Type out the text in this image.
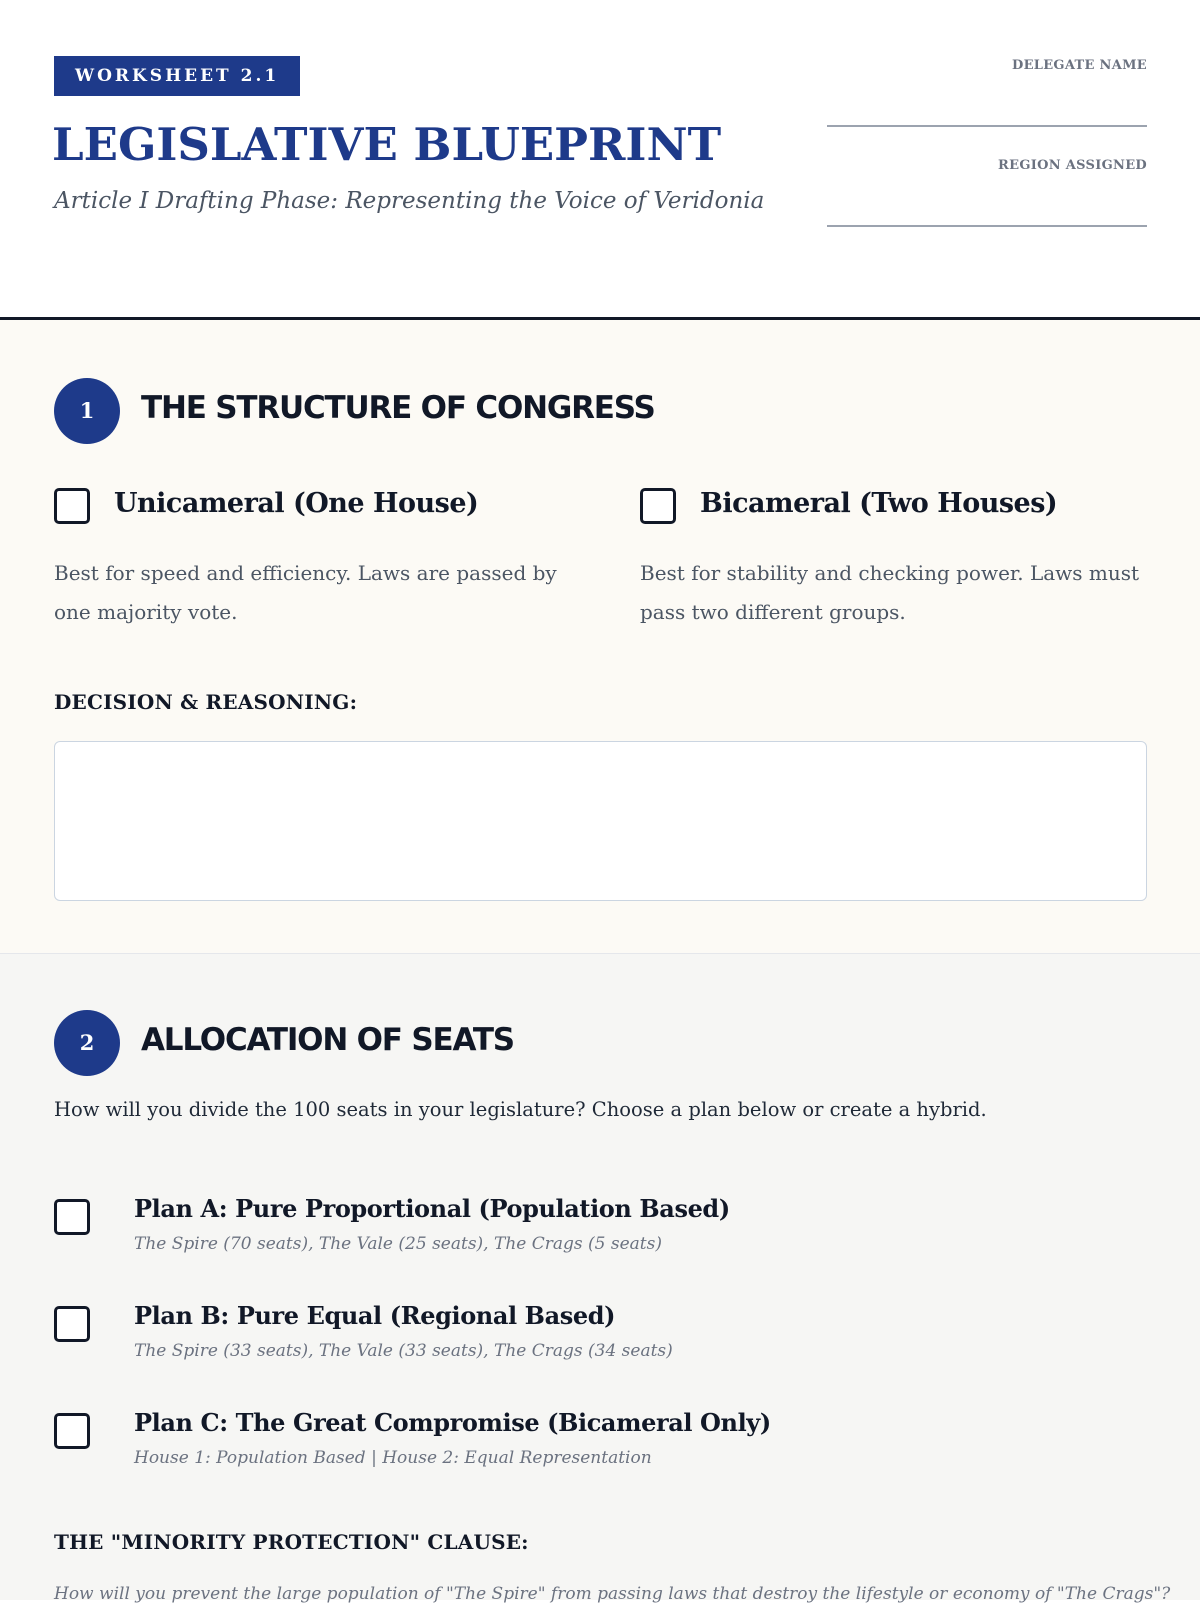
WORKSHEET 2.1
LEGISLATIVE BLUEPRINT
Article I Drafting Phase: Representing the Voice of Veridonia
DELEGATE NAME
REGION ASSIGNED
1	THE STRUCTURE OF CONGRESS
Unicameral (One House)
Best for speed and efficiency. Laws are passed by one majority vote.
Bicameral (Two Houses)
Best for stability and checking power. Laws must pass two different groups.
DECISION & REASONING:
2	ALLOCATION OF SEATS
How will you divide the 100 seats in your legislature? Choose a plan below or create a hybrid.
Plan A: Pure Proportional (Population Based)
The Spire (70 seats), The Vale (25 seats), The Crags (5 seats)
Plan B: Pure Equal (Regional Based)
The Spire (33 seats), The Vale (33 seats), The Crags (34 seats)
Plan C: The Great Compromise (Bicameral Only)
House 1: Population Based | House 2: Equal Representation
THE "MINORITY PROTECTION" CLAUSE:
How will you prevent the large population of "The Spire" from passing laws that destroy the lifestyle or economy of "The Crags"?
